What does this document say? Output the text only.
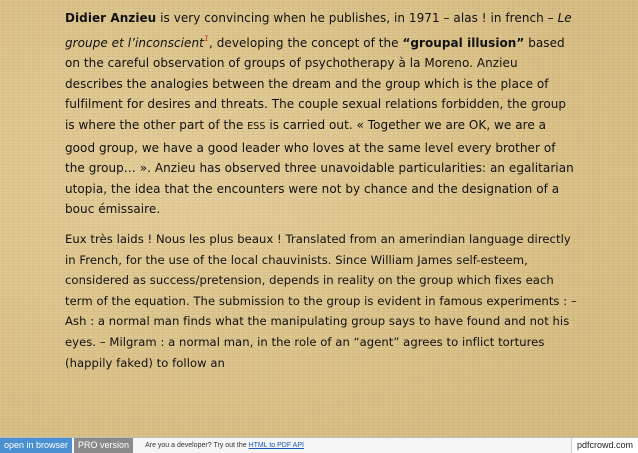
Didier Anzieu is very convincing when he publishes, in 1971 – alas ! in french – Le groupe et l’inconscient$^1$, developing the concept of the “groupal illusion” based on the careful observation of groups of psychotherapy à la Moreno. Anzieu describes the analogies between the dream and the group which is the place of fulfilment for desires and threats. The couple sexual relations forbidden, the group is where the other part of the ESS is carried out. « Together we are OK, we are a good group, we have a good leader who loves at the same level every brother of the group… ». Anzieu has observed three unavoidable particularities: an egalitarian utopia, the idea that the encounters were not by chance and the designation of a bouc émissaire.

Eux très laids ! Nous les plus beaux ! Translated from an amerindian language directly in French, for the use of the local chauvinists. Since William James self-esteem, considered as success/pretension, depends in reality on the group which fixes each term of the equation. The submission to the group is evident in famous experiments : – Ash : a normal man finds what the manipulating group says to have found and not his eyes. – Milgram : a normal man, in the role of an “agent” agrees to inflict tortures (happily faked) to follow an

open in browser	PRO version	Are you a developer? Try out the HTML to PDF API	pdfcrowd.com
